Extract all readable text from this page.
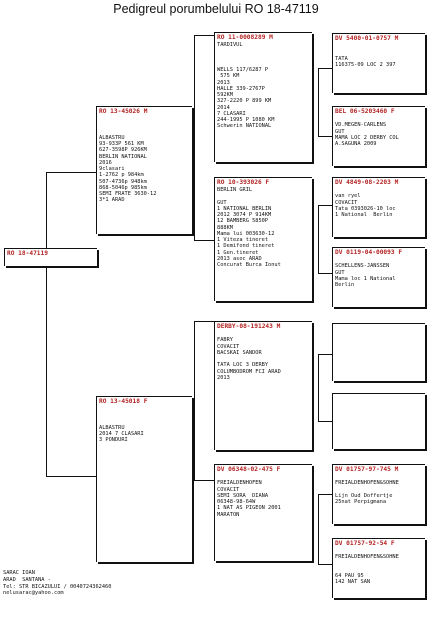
Pedigreul porumbelului RO 18-47119
RO 18-47119
RO 13-45026 M

ALBASTRU
93-933P 561 KM
627-3598P 926KM
BERLIN NATIONAL
2016
9clasari
1-2762 p 984km
507-4736p 948km
868-5046p 985km
SEMI FRATE 3630-12
3*1 ARAD
RO 13-45018 F

ALBASTRU
2014 7 CLASARI
3 PONDURI
RO 11-0008289 M
TARDIVUL

WELLS 117/6287 P
575 KM
2013
HALLE 339-2767P
592KM
327-2220 P 899 KM
2014
7 CLASARI
244-1995 P 1080 KM
Schwerin NATIONAL
RO 10-393026 F
BERLIN GRIL

GUT
1 NATIONAL BERLIN
2012 3074 P 914KM
12 BAMBERG 5850P
888KM
Mama lui 003630-12
1 Viteza tineret
1 Demifond tineret
1 Gen.tineret
2013 asoc ARAD
Concurat Burca Ionut
DERBY-08-191243 M

FABRY
COVACIT
BACSKAI SANDOR

TATA LOC 3 DERBY
COLUMBODROM FCI ARAD
2013
DV 06348-02-475 F

FREIALDENHOFEN
COVACIT
SEMI SORA  DIANA
06348-98-64W
1 NAT AS PIGEON 2001
MARATON
DV 5400-01-0757 M

TATA
116375-09 LOC 2 397
BEL 06-5203460 F

VD.MEGEN-CARLENS
GUT
MAMA LOC 2 DERBY COL
A.SAGUNA 2009
DV 4849-08-2203 M

van ryel
COVACIT
Tata 0393026-10 loc
1 National  Berlin
DV 0119-04-00093 F

SCHELLENS-JANSSEN
GUT
Mama loc 1 National
Berlin
DV 01757-97-745 M

FREIALDENHOFEN&SOHNE

Lijn Oud Doffertje
25nat Perpigmana
DV 01757-92-54 F

FREIALDENHOFEN&SOHNE

64 PAU 95
142 NAT SAN
SARAC IOAN
ARAD  SANTANA -
Tel: STR BICAZULUI / 0040724362460
nelusarac@yahoo.com
